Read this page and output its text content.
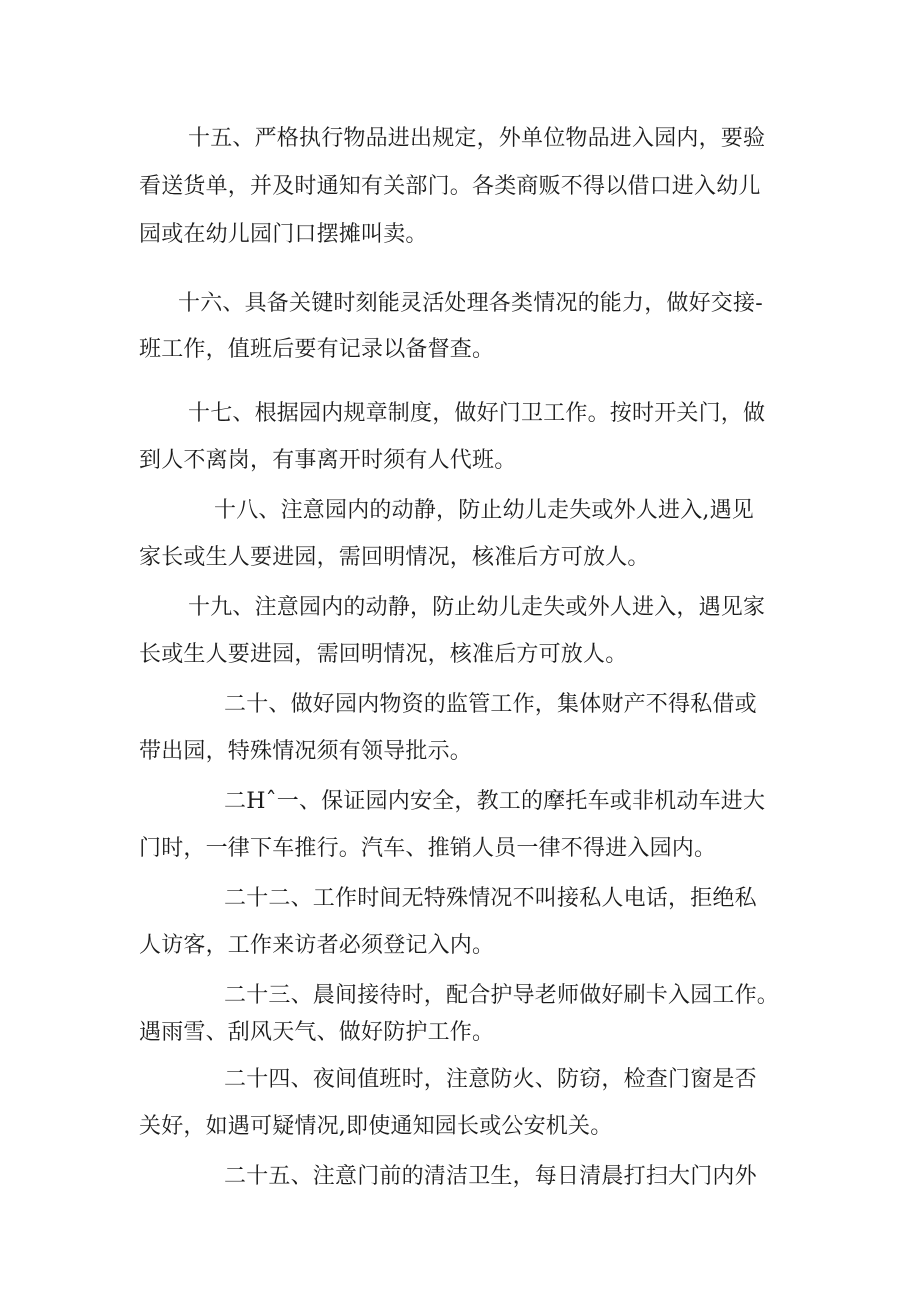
十五、严格执行物品进出规定，外单位物品进入园内，要验
看送货单，并及时通知有关部门。各类商贩不得以借口进入幼儿
园或在幼儿园门口摆摊叫卖。
十六、具备关键时刻能灵活处理各类情况的能力，做好交接-
班工作，值班后要有记录以备督查。
十七、根据园内规章制度，做好门卫工作。按时开关门，做
到人不离岗，有事离开时须有人代班。
十八、注意园内的动静，防止幼儿走失或外人进入,遇见
家长或生人要进园，需回明情况，核准后方可放人。
十九、注意园内的动静，防止幼儿走失或外人进入，遇见家
长或生人要进园，需回明情况，核准后方可放人。
二十、做好园内物资的监管工作，集体财产不得私借或
带出园，特殊情况须有领导批示。
二Hˆ一、保证园内安全，教工的摩托车或非机动车进大
门时，一律下车推行。汽车、推销人员一律不得进入园内。
二十二、工作时间无特殊情况不叫接私人电话，拒绝私
人访客，工作来访者必须登记入内。
二十三、晨间接待时，配合护导老师做好刷卡入园工作。
遇雨雪、刮风天气、做好防护工作。
二十四、夜间值班时，注意防火、防窃，检查门窗是否
关好，如遇可疑情况,即使通知园长或公安机关。
二十五、注意门前的清洁卫生，每日清晨打扫大门内外
